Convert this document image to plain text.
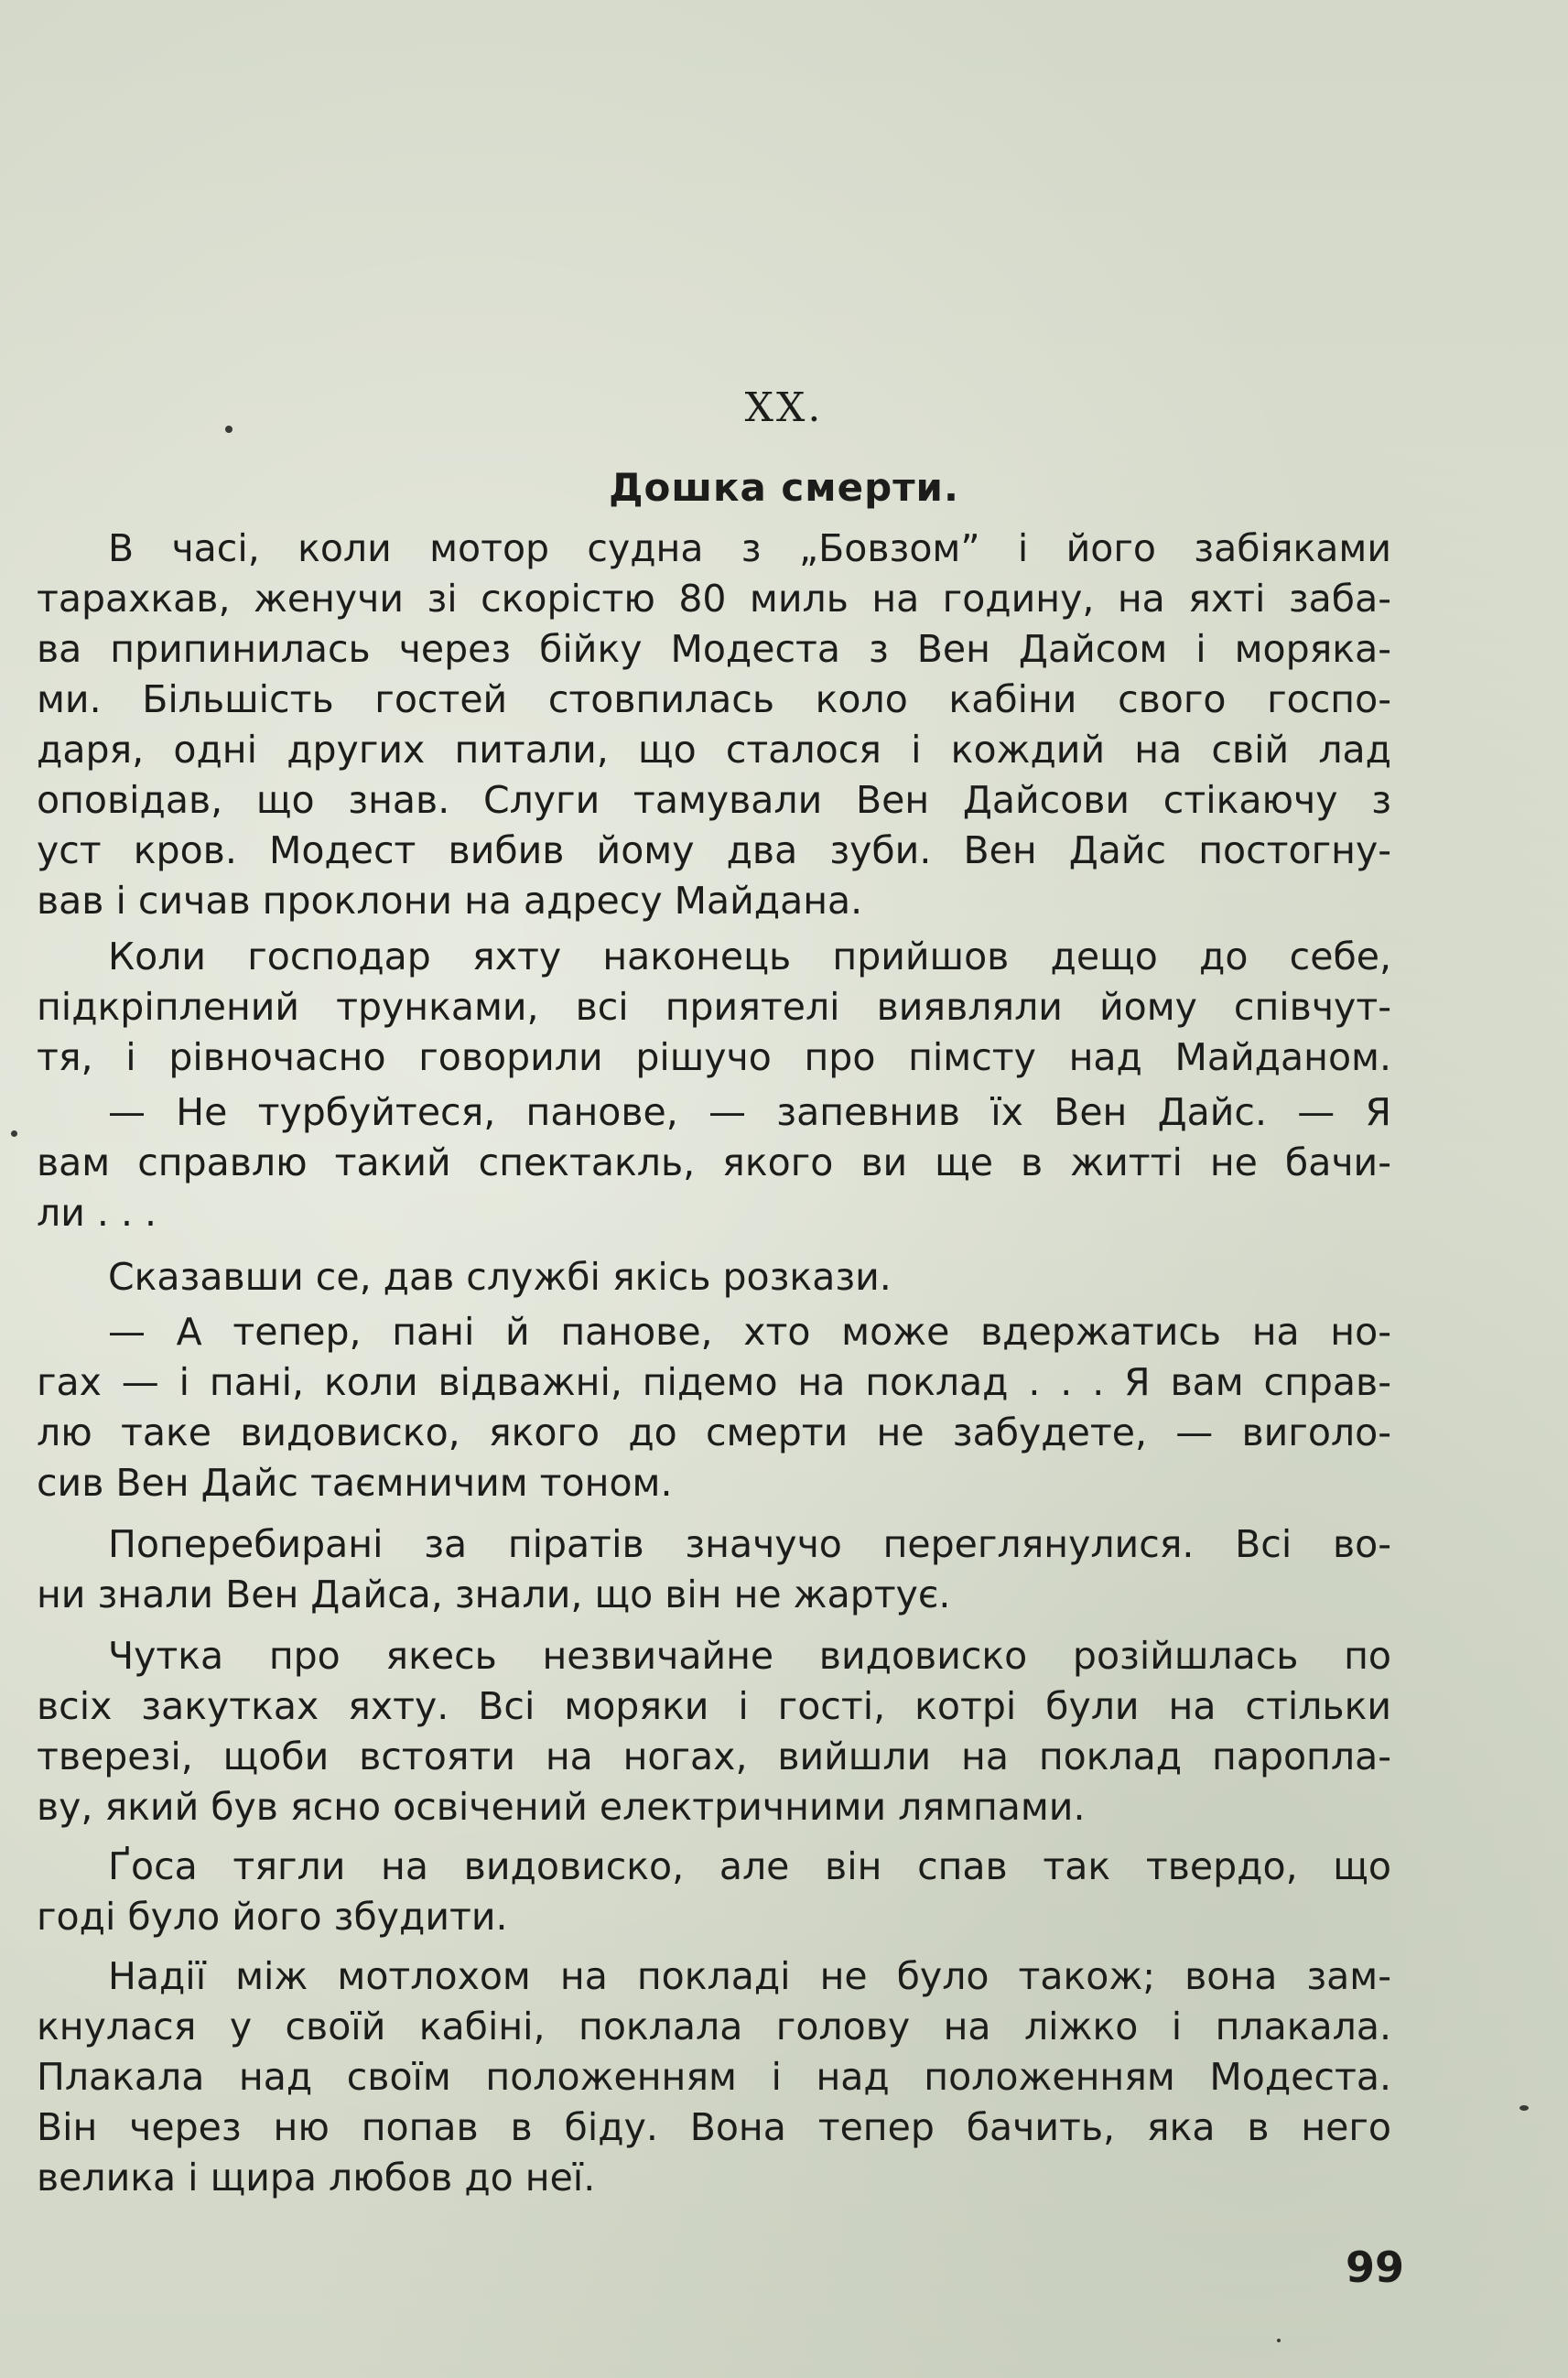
XX.
Дошка смерти.
В часі, коли мотор судна з „Бовзом” і його забіяками
тарахкав, женучи зі скорістю 80 миль на годину, на яхті заба-
ва припинилась через бійку Модеста з Вен Дайсом і моряка-
ми. Більшість гостей стовпилась коло кабіни свого госпо-
даря, одні других питали, що сталося і кождий на свій лад
оповідав, що знав. Слуги тамували Вен Дайсови стікаючу з
уст кров. Модест вибив йому два зуби. Вен Дайс постогну-
вав і сичав проклони на адресу Майдана.
Коли господар яхту наконець прийшов дещо до себе,
підкріплений трунками, всі приятелі виявляли йому співчут-
тя, і рівночасно говорили рішучо про пімсту над Майданом.
— Не турбуйтеся, панове, — запевнив їх Вен Дайс. — Я
вам справлю такий спектакль, якого ви ще в житті не бачи-
ли . . .
Сказавши се, дав службі якісь розкази.
— А тепер, пані й панове, хто може вдержатись на но-
гах — і пані, коли відважні, підемо на поклад . . . Я вам справ-
лю таке видовиско, якого до смерти не забудете, — виголо-
сив Вен Дайс таємничим тоном.
Поперебирані за піратів значучо переглянулися. Всі во-
ни знали Вен Дайса, знали, що він не жартує.
Чутка про якесь незвичайне видовиско розійшлась по
всіх закутках яхту. Всі моряки і гості, котрі були на стільки
тверезі, щоби встояти на ногах, вийшли на поклад паропла-
ву, який був ясно освічений електричними лямпами.
Ґоса тягли на видовиско, але він спав так твердо, що
годі було його збудити.
Надії між мотлохом на покладі не було також; вона зам-
кнулася у своїй кабіні, поклала голову на ліжко і плакала.
Плакала над своїм положенням і над положенням Модеста.
Він через ню попав в біду. Вона тепер бачить, яка в него
велика і щира любов до неї.
99
